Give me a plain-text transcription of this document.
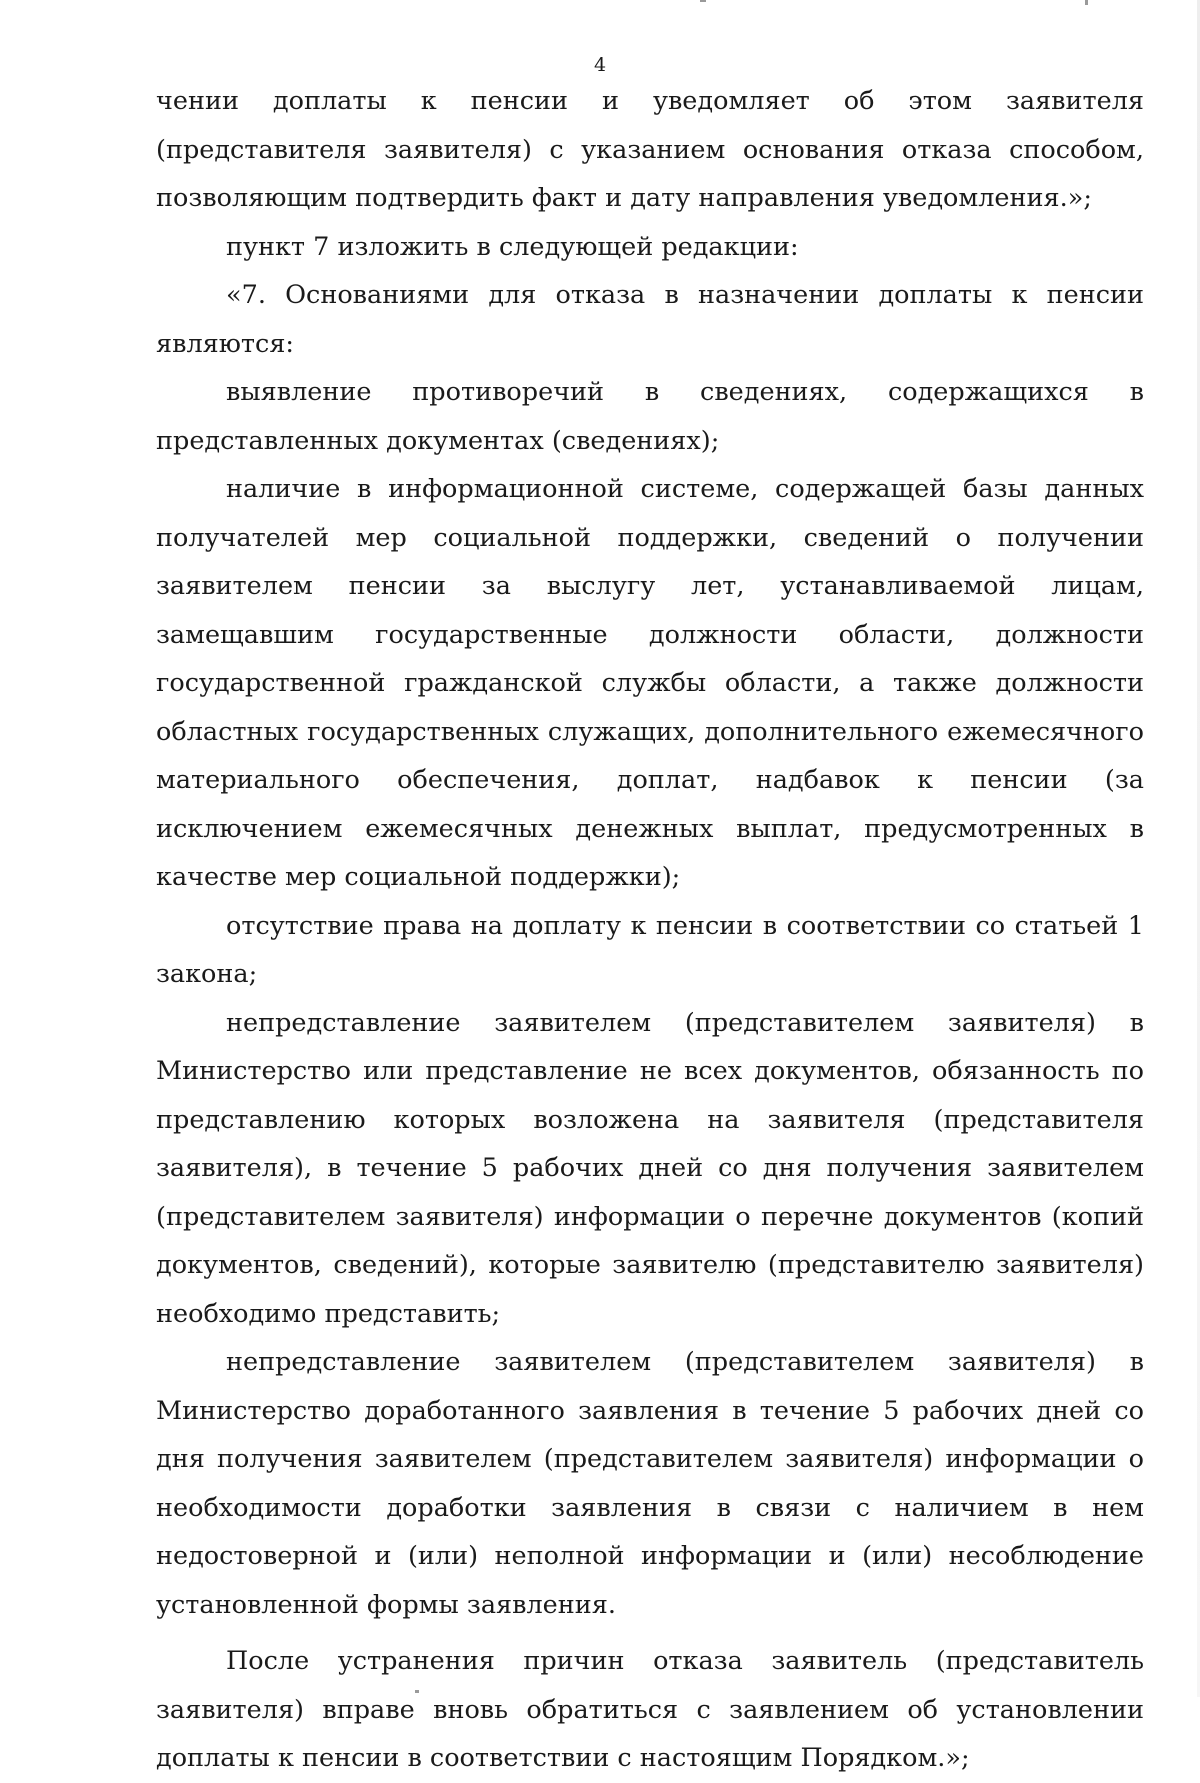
4

чении доплаты к пенсии и уведомляет об этом заявителя (представителя заявителя) с указанием основания отказа способом, позволяющим подтвердить факт и дату направления уведомления.»;

пункт 7 изложить в следующей редакции:

«7. Основаниями для отказа в назначении доплаты к пенсии являются:

выявление противоречий в сведениях, содержащихся в представленных документах (сведениях);

наличие в информационной системе, содержащей базы данных получателей мер социальной поддержки, сведений о получении заявителем пенсии за выслугу лет, устанавливаемой лицам, замещавшим государственные должности области, должности государственной гражданской службы области, а также должности областных государственных служащих, дополнительного ежемесячного материального обеспечения, доплат, надбавок к пенсии (за исключением ежемесячных денежных выплат, предусмотренных в качестве мер социальной поддержки);

отсутствие права на доплату к пенсии в соответствии со статьей 1 закона;

непредставление заявителем (представителем заявителя) в Министерство или представление не всех документов, обязанность по представлению которых возложена на заявителя (представителя заявителя), в течение 5 рабочих дней со дня получения заявителем (представителем заявителя) информации о перечне документов (копий документов, сведений), которые заявителю (представителю заявителя) необходимо представить;

непредставление заявителем (представителем заявителя) в Министерство доработанного заявления в течение 5 рабочих дней со дня получения заявителем (представителем заявителя) информации о необходимости доработки заявления в связи с наличием в нем недостоверной и (или) неполной информации и (или) несоблюдение установленной формы заявления.

После устранения причин отказа заявитель (представитель заявителя) вправе вновь обратиться с заявлением об установлении доплаты к пенсии в соответствии с настоящим Порядком.»;
